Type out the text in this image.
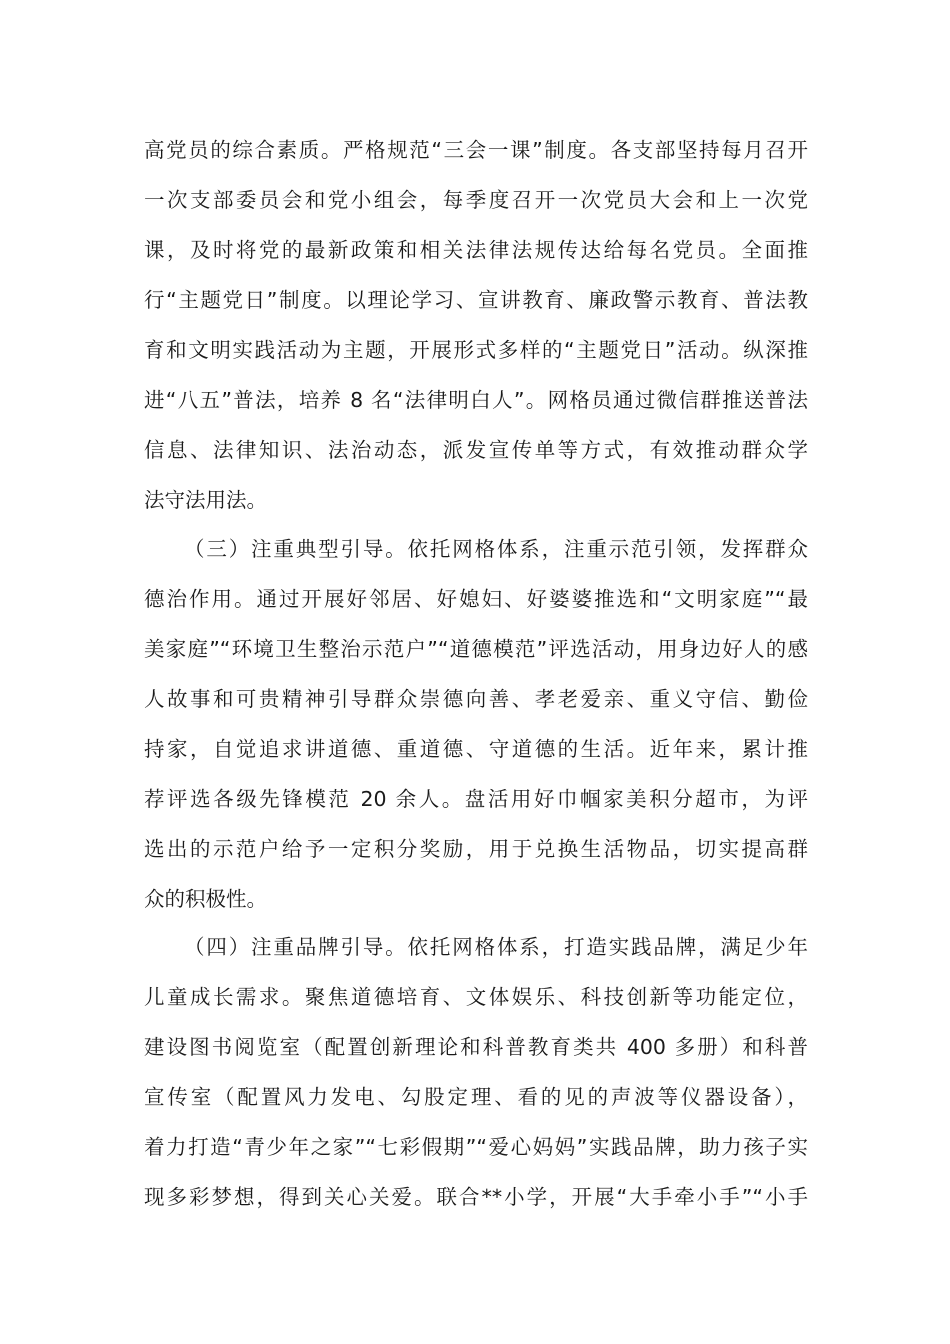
高党员的综合素质。严格规范“三会一课”制度。各支部坚持每月召开
一次支部委员会和党小组会，每季度召开一次党员大会和上一次党
课，及时将党的最新政策和相关法律法规传达给每名党员。全面推
行“主题党日”制度。以理论学习、宣讲教育、廉政警示教育、普法教
育和文明实践活动为主题，开展形式多样的“主题党日”活动。纵深推
进“八五”普法，培养 8 名“法律明白人”。网格员通过微信群推送普法
信息、法律知识、法治动态，派发宣传单等方式，有效推动群众学
法守法用法。
（三）注重典型引导。依托网格体系，注重示范引领，发挥群众
德治作用。通过开展好邻居、好媳妇、好婆婆推选和“文明家庭”“最
美家庭”“环境卫生整治示范户”“道德模范”评选活动，用身边好人的感
人故事和可贵精神引导群众崇德向善、孝老爱亲、重义守信、勤俭
持家，自觉追求讲道德、重道德、守道德的生活。近年来，累计推
荐评选各级先锋模范 20 余人。盘活用好巾帼家美积分超市，为评
选出的示范户给予一定积分奖励，用于兑换生活物品，切实提高群
众的积极性。
（四）注重品牌引导。依托网格体系，打造实践品牌，满足少年
儿童成长需求。聚焦道德培育、文体娱乐、科技创新等功能定位，
建设图书阅览室（配置创新理论和科普教育类共 400 多册）和科普
宣传室（配置风力发电、勾股定理、看的见的声波等仪器设备），
着力打造“青少年之家”“七彩假期”“爱心妈妈”实践品牌，助力孩子实
现多彩梦想，得到关心关爱。联合**小学，开展“大手牵小手”“小手
